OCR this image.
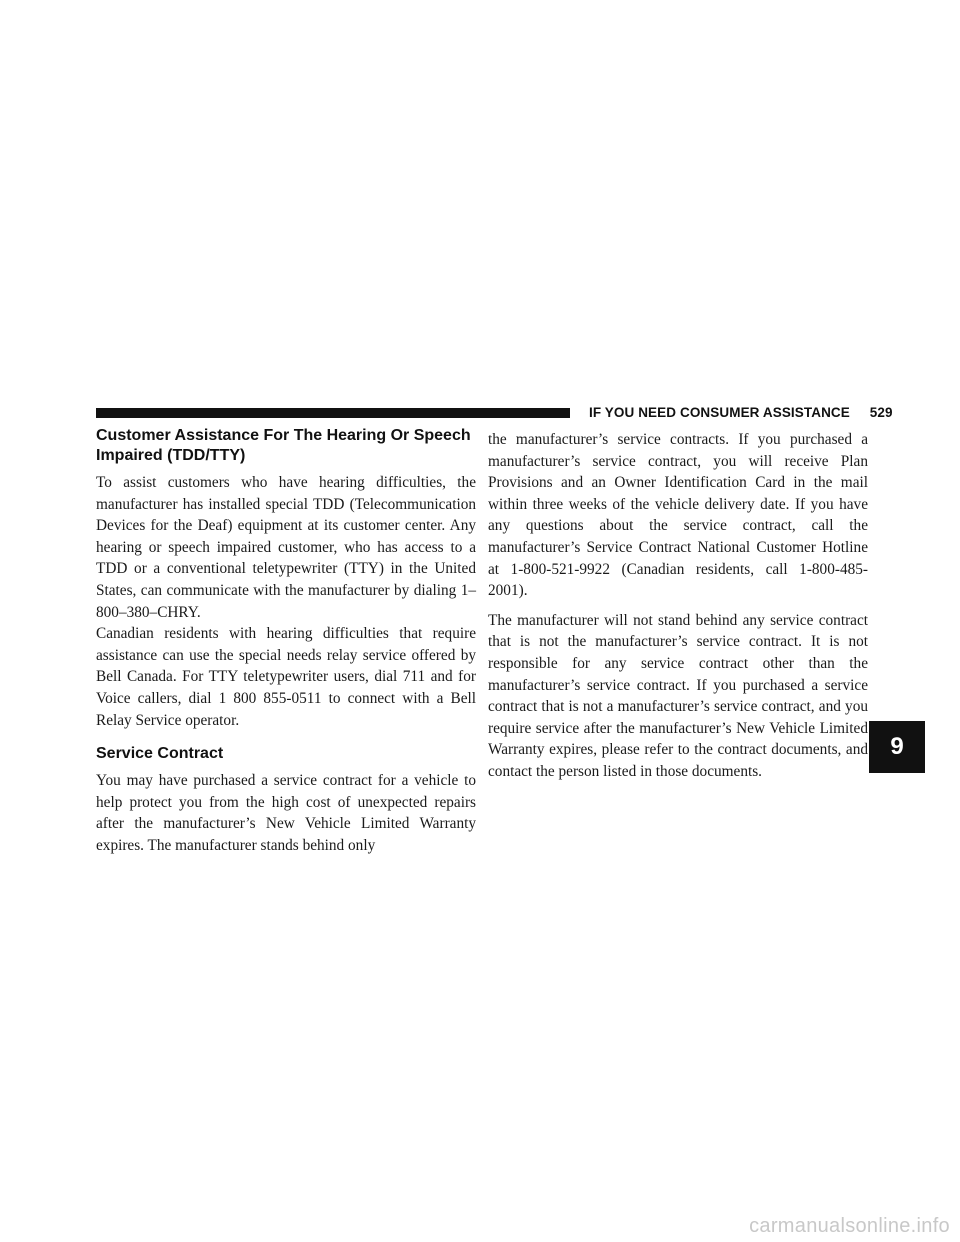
IF YOU NEED CONSUMER ASSISTANCE 529
Customer Assistance For The Hearing Or Speech Impaired (TDD/TTY)

To assist customers who have hearing difficulties, the manufacturer has installed special TDD (Telecommunication Devices for the Deaf) equipment at its customer center. Any hearing or speech impaired customer, who has access to a TDD or a conventional teletypewriter (TTY) in the United States, can communicate with the manufacturer by dialing 1–800–380–CHRY.

Canadian residents with hearing difficulties that require assistance can use the special needs relay service offered by Bell Canada. For TTY teletypewriter users, dial 711 and for Voice callers, dial 1 800 855-0511 to connect with a Bell Relay Service operator.

Service Contract

You may have purchased a service contract for a vehicle to help protect you from the high cost of unexpected repairs after the manufacturer’s New Vehicle Limited Warranty expires. The manufacturer stands behind only

the manufacturer’s service contracts. If you purchased a manufacturer’s service contract, you will receive Plan Provisions and an Owner Identification Card in the mail within three weeks of the vehicle delivery date. If you have any questions about the service contract, call the manufacturer’s Service Contract National Customer Hotline at 1-800-521-9922 (Canadian residents, call 1-800-485-​2001).

The manufacturer will not stand behind any service contract that is not the manufacturer’s service contract. It is not responsible for any service contract other than the manufacturer’s service contract. If you purchased a service contract that is not a manufacturer’s service contract, and you require service after the manufacturer’s New Vehicle Limited Warranty expires, please refer to the contract documents, and contact the person listed in those documents.

9
carmanualsonline.info
